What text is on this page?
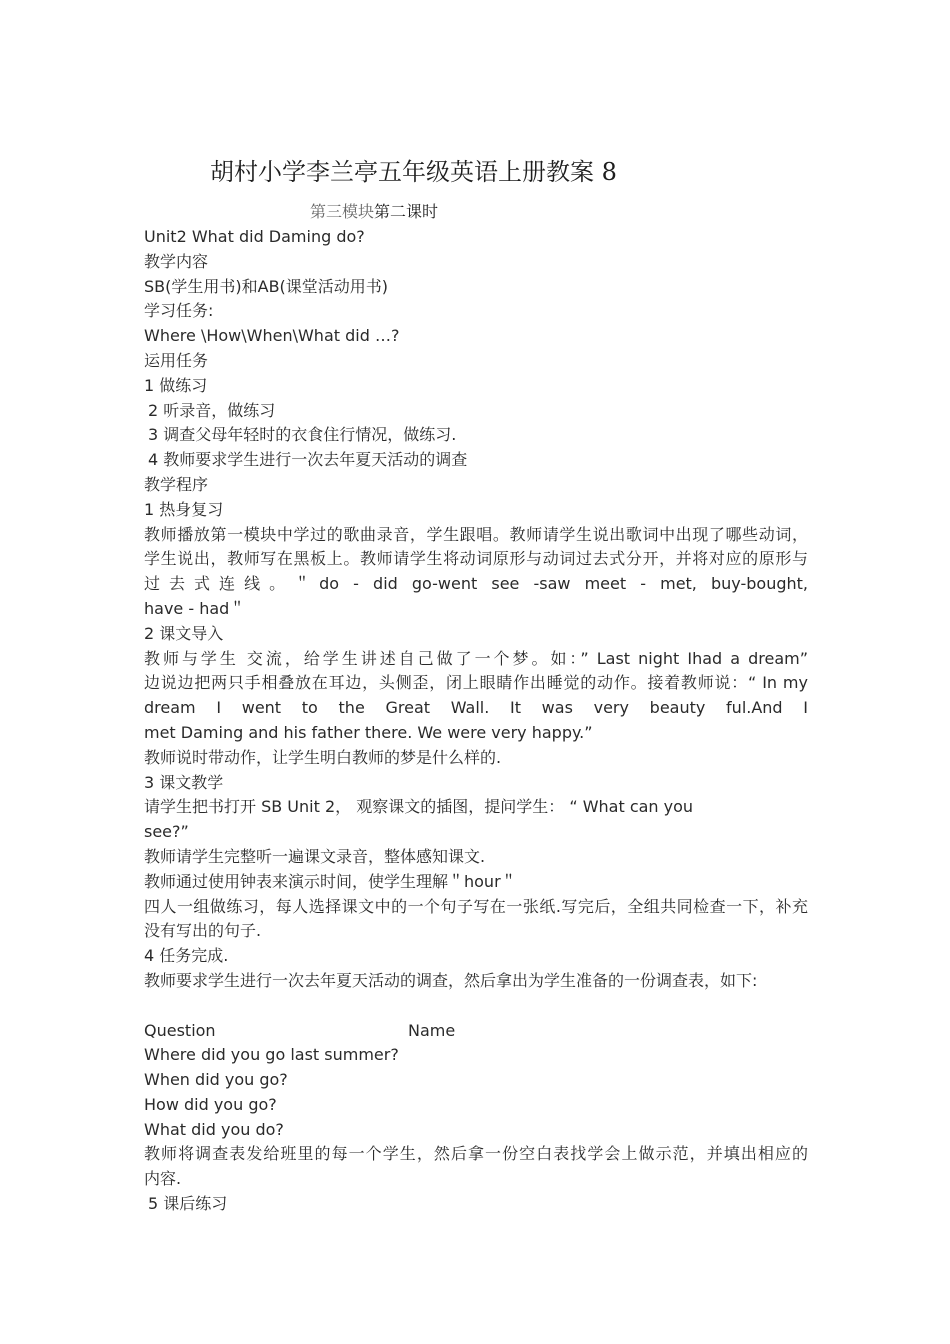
胡村小学李兰亭五年级英语上册教案 8
第三模块第二课时
Unit2 What did Daming do?
教学内容
SB(学生用书)和AB(课堂活动用书)
学习任务:
Where \How\When\What did …?
运用任务
1 做练习
2 听录音，做练习
3 调查父母年轻时的衣食住行情况，做练习.
4 教师要求学生进行一次去年夏天活动的调查
教学程序
1 热身复习
教师播放第一模块中学过的歌曲录音，学生跟唱。教师请学生说出歌词中出现了哪些动词，
学生说出，教师写在黑板上。教师请学生将动词原形与动词过去式分开，并将对应的原形与
过去式连线。＂do - did go-went see -saw meet - met, buy-bought,
have - had＂
2 课文导入
教师与学生 交流，给学生讲述自己做了一个梦。如：” Last night Ihad a dream”
边说边把两只手相叠放在耳边，头侧歪，闭上眼睛作出睡觉的动作。接着教师说：“ In my
dream I went to the Great Wall. It was very beauty ful.And I
met Daming and his father there. We were very happy.”
教师说时带动作，让学生明白教师的梦是什么样的.
3 课文教学
请学生把书打开 SB Unit 2， 观察课文的插图，提问学生： “ What can you
see?”
教师请学生完整听一遍课文录音，整体感知课文.
教师通过使用钟表来演示时间，使学生理解＂hour＂
四人一组做练习，每人选择课文中的一个句子写在一张纸.写完后，全组共同检查一下，补充
没有写出的句子.
4 任务完成.
教师要求学生进行一次去年夏天活动的调查，然后拿出为学生准备的一份调查表，如下:
Question	Name
Where did you go last summer?
When did you go?
How did you go?
What did you do?
教师将调查表发给班里的每一个学生，然后拿一份空白表找学会上做示范，并填出相应的
内容.
5 课后练习
